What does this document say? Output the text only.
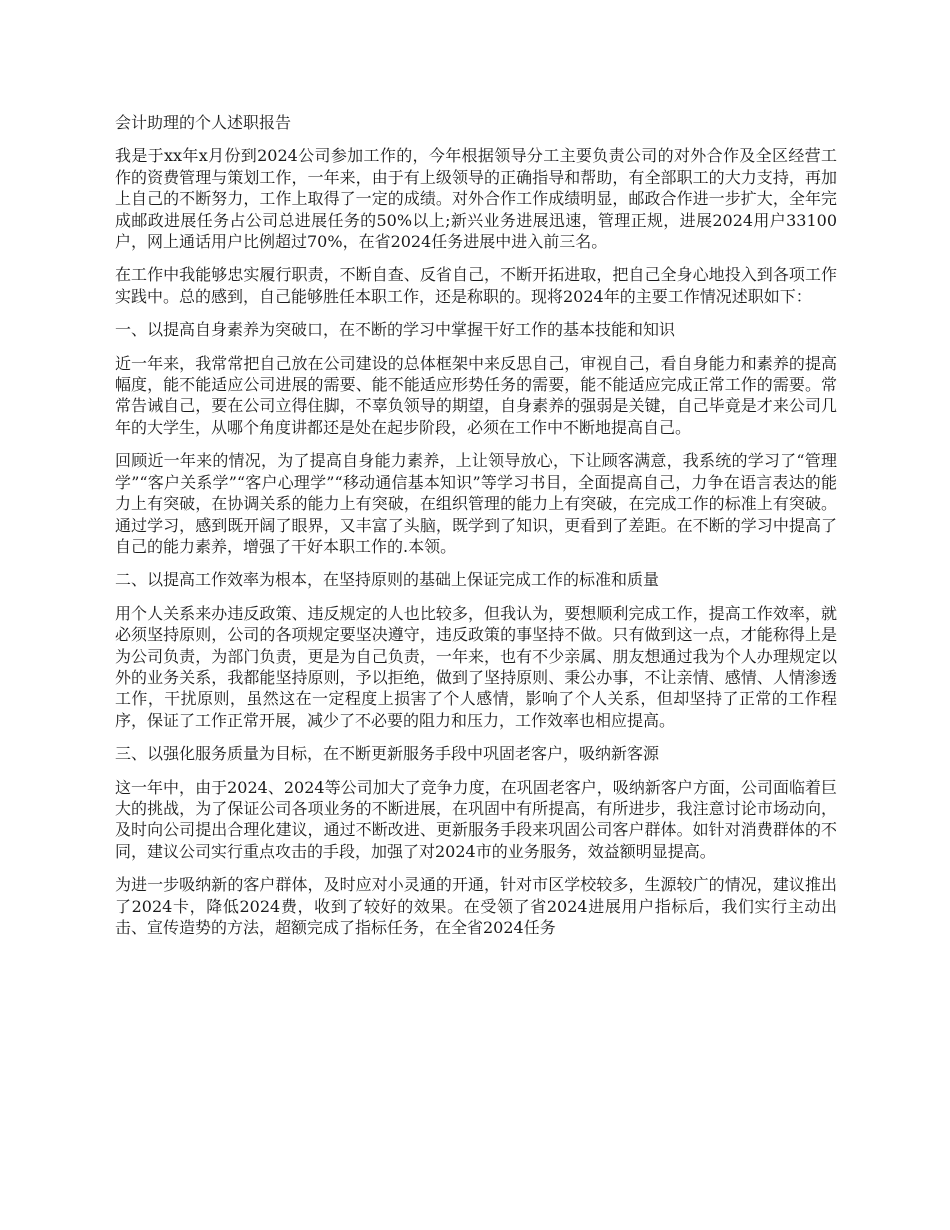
会计助理的个人述职报告

我是于xx年x月份到2024公司参加工作的，今年根据领导分工主要负责公司的对外合作及全区经营工作的资费管理与策划工作，一年来，由于有上级领导的正确指导和帮助，有全部职工的大力支持，再加上自己的不断努力，工作上取得了一定的成绩。对外合作工作成绩明显，邮政合作进一步扩大，全年完成邮政进展任务占公司总进展任务的50%以上;新兴业务进展迅速，管理正规，进展2024用户33100户，网上通话用户比例超过70%，在省2024任务进展中进入前三名。

在工作中我能够忠实履行职责，不断自查、反省自己，不断开拓进取，把自己全身心地投入到各项工作实践中。总的感到，自己能够胜任本职工作，还是称职的。现将2024年的主要工作情况述职如下：

一、以提高自身素养为突破口，在不断的学习中掌握干好工作的基本技能和知识

近一年来，我常常把自己放在公司建设的总体框架中来反思自己，审视自己，看自身能力和素养的提高幅度，能不能适应公司进展的需要、能不能适应形势任务的需要，能不能适应完成正常工作的需要。常常告诫自己，要在公司立得住脚，不辜负领导的期望，自身素养的强弱是关键，自己毕竟是才来公司几年的大学生，从哪个角度讲都还是处在起步阶段，必须在工作中不断地提高自己。

回顾近一年来的情况，为了提高自身能力素养，上让领导放心，下让顾客满意，我系统的学习了“管理学”“客户关系学”“客户心理学”“移动通信基本知识”等学习书目，全面提高自己，力争在语言表达的能力上有突破，在协调关系的能力上有突破，在组织管理的能力上有突破，在完成工作的标准上有突破。通过学习，感到既开阔了眼界，又丰富了头脑，既学到了知识，更看到了差距。在不断的学习中提高了自己的能力素养，增强了干好本职工作的.本领。

二、以提高工作效率为根本，在坚持原则的基础上保证完成工作的标准和质量

用个人关系来办违反政策、违反规定的人也比较多，但我认为，要想顺利完成工作，提高工作效率，就必须坚持原则，公司的各项规定要坚决遵守，违反政策的事坚持不做。只有做到这一点，才能称得上是为公司负责，为部门负责，更是为自己负责，一年来，也有不少亲属、朋友想通过我为个人办理规定以外的业务关系，我都能坚持原则，予以拒绝，做到了坚持原则、秉公办事，不让亲情、感情、人情渗透工作，干扰原则，虽然这在一定程度上损害了个人感情，影响了个人关系，但却坚持了正常的工作程序，保证了工作正常开展，减少了不必要的阻力和压力，工作效率也相应提高。

三、以强化服务质量为目标，在不断更新服务手段中巩固老客户，吸纳新客源

这一年中，由于2024、2024等公司加大了竞争力度，在巩固老客户，吸纳新客户方面，公司面临着巨大的挑战，为了保证公司各项业务的不断进展，在巩固中有所提高，有所进步，我注意讨论市场动向，及时向公司提出合理化建议，通过不断改进、更新服务手段来巩固公司客户群体。如针对消费群体的不同，建议公司实行重点攻击的手段，加强了对2024市的业务服务，效益额明显提高。

为进一步吸纳新的客户群体，及时应对小灵通的开通，针对市区学校较多，生源较广的情况，建议推出了2024卡，降低2024费，收到了较好的效果。在受领了省2024进展用户指标后，我们实行主动出击、宣传造势的方法，超额完成了指标任务，在全省2024任务
